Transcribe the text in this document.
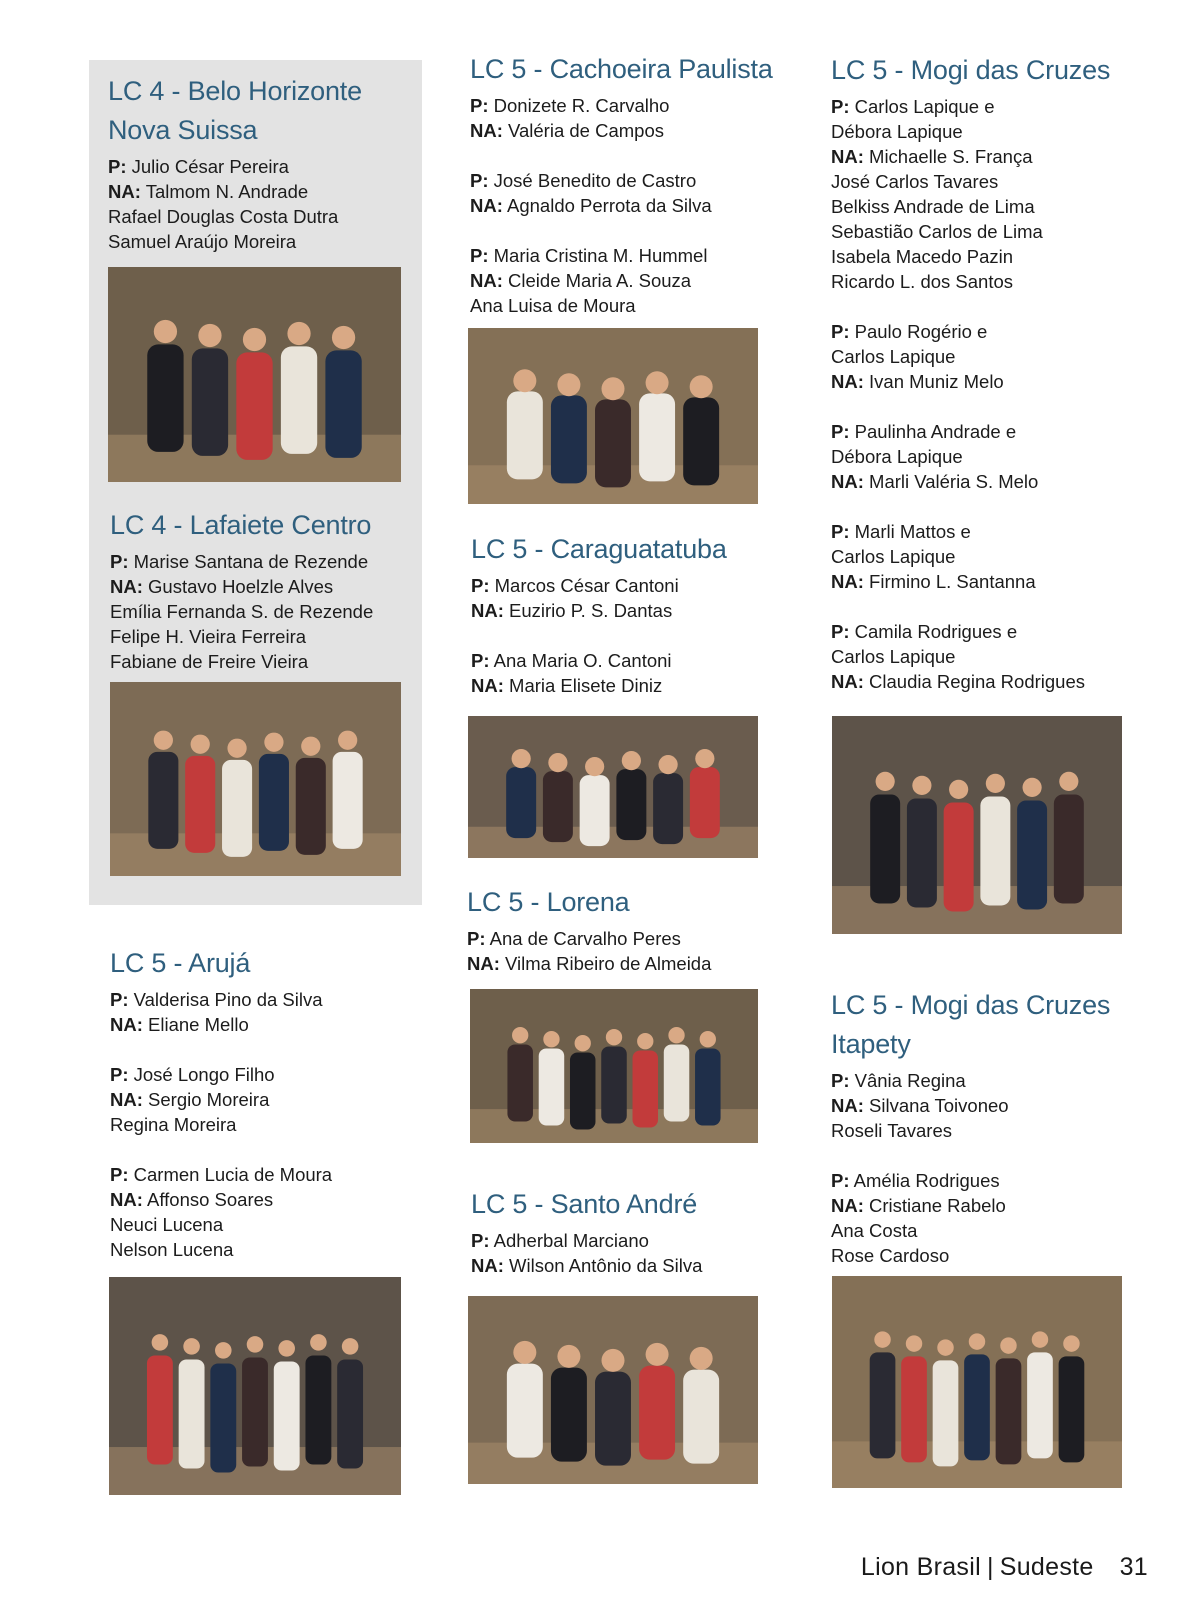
LC 4 - Belo Horizonte
Nova Suissa
P: Julio César Pereira
NA: Talmom N. Andrade
Rafael Douglas Costa Dutra
Samuel Araújo Moreira
LC 4 - Lafaiete Centro
P: Marise Santana de Rezende
NA: Gustavo Hoelzle Alves
Emília Fernanda S. de Rezende
Felipe H. Vieira Ferreira
Fabiane de Freire Vieira
LC 5 - Arujá
P: Valderisa Pino da Silva
NA: Eliane Mello
P: José Longo Filho
NA: Sergio Moreira
Regina Moreira
P: Carmen Lucia de Moura
NA: Affonso Soares
Neuci Lucena
Nelson Lucena
LC 5 - Cachoeira Paulista
P: Donizete R. Carvalho
NA: Valéria de Campos
P: José Benedito de Castro
NA: Agnaldo Perrota da Silva
P: Maria Cristina M. Hummel
NA: Cleide Maria A. Souza
Ana Luisa de Moura
LC 5 - Caraguatatuba
P: Marcos César Cantoni
NA: Euzirio P. S. Dantas
P: Ana Maria O. Cantoni
NA: Maria Elisete Diniz
LC 5 - Lorena
P: Ana de Carvalho Peres
NA: Vilma Ribeiro de Almeida
LC 5 - Santo André
P: Adherbal Marciano
NA: Wilson Antônio da Silva
LC 5 - Mogi das Cruzes
P: Carlos Lapique e
Débora Lapique
NA: Michaelle S. França
José Carlos Tavares
Belkiss Andrade de Lima
Sebastião Carlos de Lima
Isabela Macedo Pazin
Ricardo L. dos Santos
P: Paulo Rogério e
Carlos Lapique
NA: Ivan Muniz Melo
P: Paulinha Andrade e
Débora Lapique
NA: Marli Valéria S. Melo
P: Marli Mattos e
Carlos Lapique
NA: Firmino L. Santanna
P: Camila Rodrigues e
Carlos Lapique
NA: Claudia Regina Rodrigues
LC 5 - Mogi das Cruzes
Itapety
P: Vânia Regina
NA: Silvana Toivoneo
Roseli Tavares
P: Amélia Rodrigues
NA: Cristiane Rabelo
Ana Costa
Rose Cardoso
Lion Brasil | Sudeste 31
